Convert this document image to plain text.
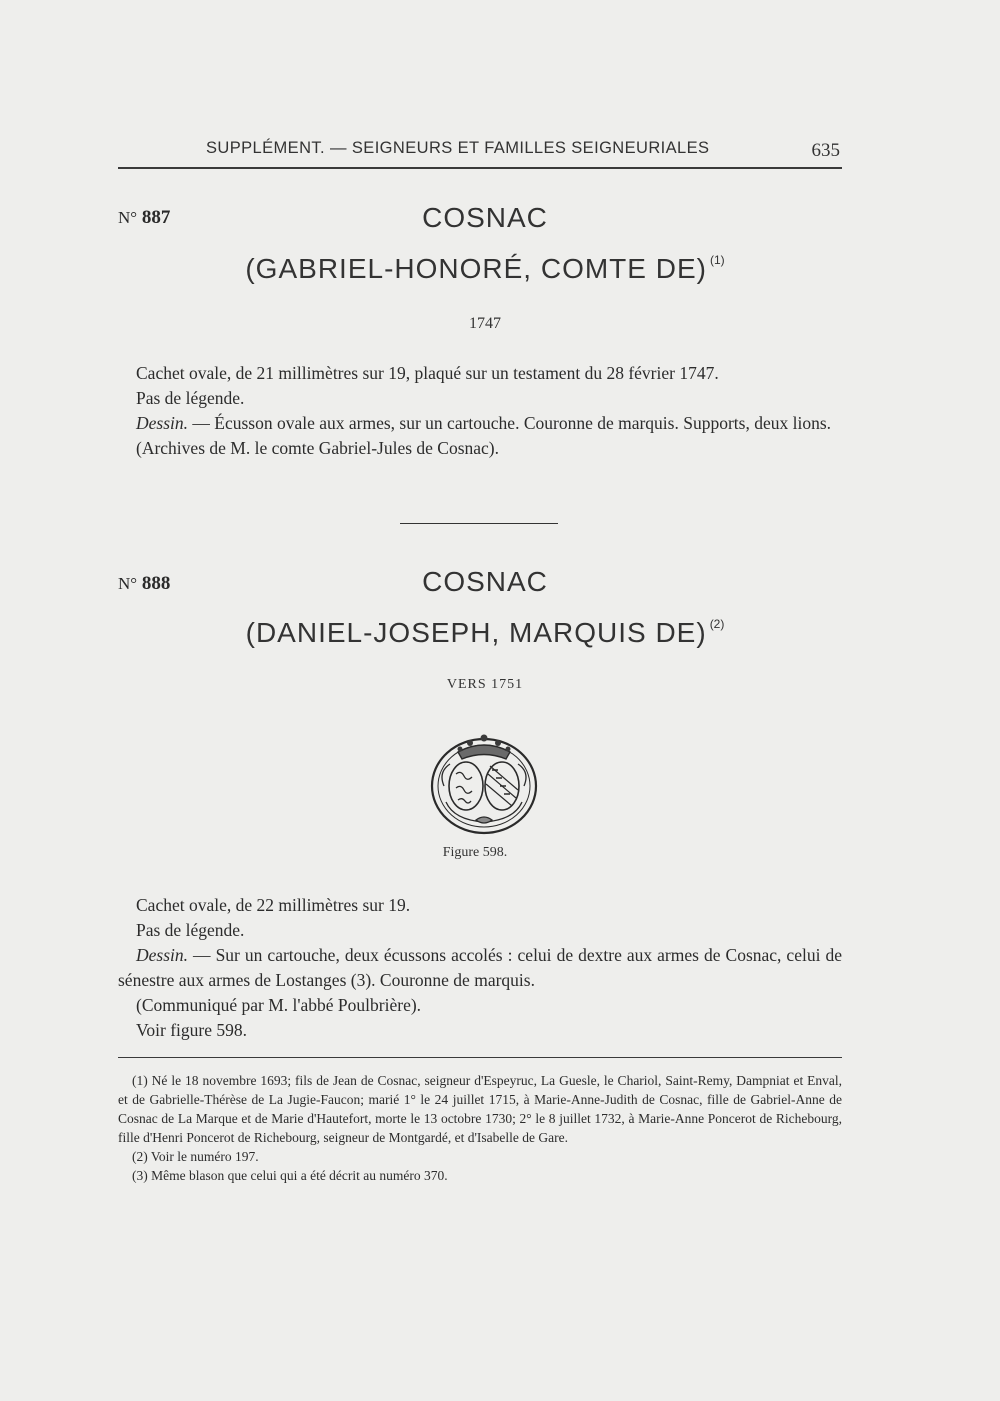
SUPPLÉMENT. — SEIGNEURS ET FAMILLES SEIGNEURIALES	635
N° 887	COSNAC
(GABRIEL-HONORÉ, COMTE DE) $^{(1)}$
1747

Cachet ovale, de 21 millimètres sur 19, plaqué sur un testament du 28 février 1747.

Pas de légende.

Dessin. — Écusson ovale aux armes, sur un cartouche. Couronne de marquis. Supports, deux lions.

(Archives de M. le comte Gabriel-Jules de Cosnac).

N° 888	COSNAC
(DANIEL-JOSEPH, MARQUIS DE) $^{(2)}$
VERS 1751
Figure 598.

Cachet ovale, de 22 millimètres sur 19.

Pas de légende.

Dessin. — Sur un cartouche, deux écussons accolés : celui de dextre aux armes de Cosnac, celui de sénestre aux armes de Lostanges (3). Couronne de marquis.

(Communiqué par M. l'abbé Poulbrière).

Voir figure 598.

(1) Né le 18 novembre 1693; fils de Jean de Cosnac, seigneur d'Espeyruc, La Guesle, le Chariol, Saint-Remy, Dampniat et Enval, et de Gabrielle-Thérèse de La Jugie-Faucon; marié 1° le 24 juillet 1715, à Marie-Anne-Judith de Cosnac, fille de Gabriel-Anne de Cosnac de La Marque et de Marie d'Hautefort, morte le 13 octobre 1730; 2° le 8 juillet 1732, à Marie-Anne Poncerot de Richebourg, fille d'Henri Poncerot de Richebourg, seigneur de Montgardé, et d'Isabelle de Gare.

(2) Voir le numéro 197.

(3) Même blason que celui qui a été décrit au numéro 370.
